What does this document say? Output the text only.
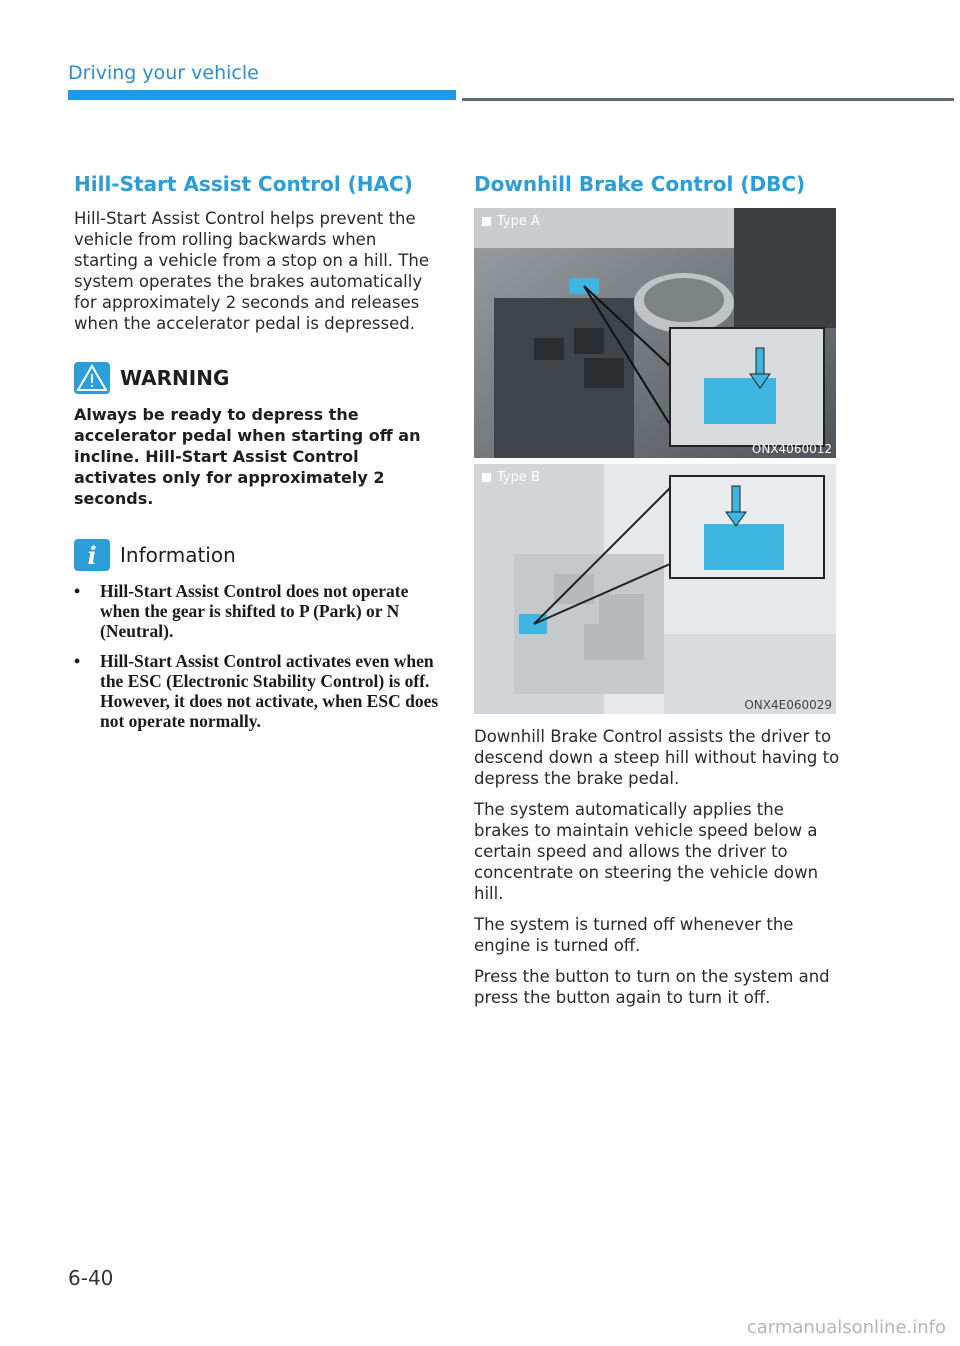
Driving your vehicle
Hill-Start Assist Control (HAC)

Hill-Start Assist Control helps prevent the vehicle from rolling backwards when starting a vehicle from a stop on a hill. The system operates the brakes automatically for approximately 2 seconds and releases when the accelerator pedal is depressed.

WARNING

Always be ready to depress the accelerator pedal when starting off an incline. Hill-Start Assist Control activates only for approximately 2 seconds.

i	Information
• Hill-Start Assist Control does not operate when the gear is shifted to P (Park) or N (Neutral).
• Hill-Start Assist Control activates even when the ESC (Electronic Stability Control) is off. However, it does not activate, when ESC does not operate normally.
Downhill Brake Control (DBC)
Type A
ONX4060012
Type B
ONX4E060029

Downhill Brake Control assists the driver to descend down a steep hill without having to depress the brake pedal.

The system automatically applies the brakes to maintain vehicle speed below a certain speed and allows the driver to concentrate on steering the vehicle down hill.

The system is turned off whenever the engine is turned off.

Press the button to turn on the system and press the button again to turn it off.

6-40
carmanualsonline.info
